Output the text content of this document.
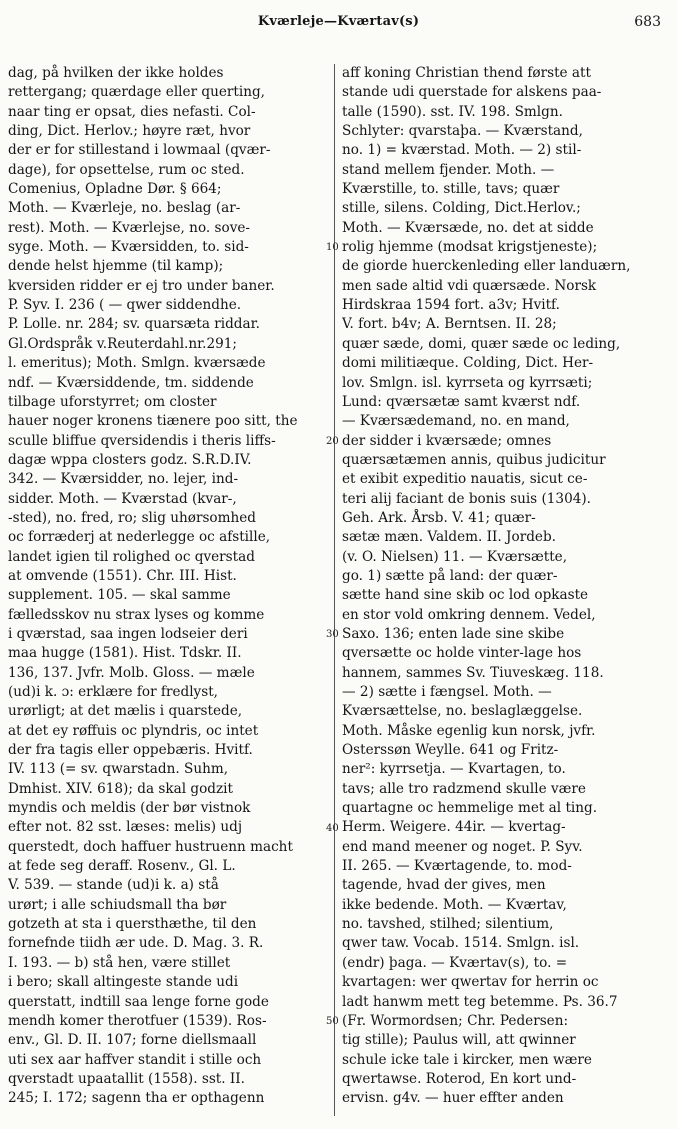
Kværleje—Kværtav(s)	683
dag, på hvilken der ikke holdes
rettergang; quærdage eller querting,
naar ting er opsat, dies nefasti. Col-
ding, Dict. Herlov.; høyre ræt, hvor
der er for stillestand i lowmaal (qvær-
dage), for opsettelse, rum oc sted.
Comenius, Opladne Dør. § 664;
Moth. — Kværleje, no. beslag (ar-
rest). Moth. — Kværlejse, no. sove-
syge. Moth. — Kværsidden, to. sid-
dende helst hjemme (til kamp);
kversiden ridder er ej tro under baner.
P. Syv. I. 236 ( — qwer siddendhe.
P. Lolle. nr. 284; sv. quarsæta riddar.
Gl.Ordspråk v.Reuterdahl.nr.291;
l. emeritus); Moth. Smlgn. kværsæde
ndf. — Kværsiddende, tm. siddende
tilbage uforstyrret; om closter
hauer noger kronens tiænere poo sitt, the
sculle bliffue qversidendis i theris liffs-
dagæ wppa closters godz. S.R.D.IV.
342. — Kværsidder, no. lejer, ind-
sidder. Moth. — Kværstad (kvar-,
-sted), no. fred, ro; slig uhørsomhed
oc forræderj at nederlegge oc afstille,
landet igien til rolighed oc qverstad
at omvende (1551). Chr. III. Hist.
supplement. 105. — skal samme
fælledsskov nu strax lyses og komme
i qværstad, saa ingen lodseier deri
maa hugge (1581). Hist. Tdskr. II.
136, 137. Jvfr. Molb. Gloss. — mæle
(ud)i k. ɔ: erklære for fredlyst,
urørligt; at det mælis i quarstede,
at det ey røffuis oc plyndris, oc intet
der fra tagis eller oppebæris. Hvitf.
IV. 113 (= sv. qwarstadn. Suhm,
Dmhist. XIV. 618); da skal godzit
myndis och meldis (der bør vistnok
efter not. 82 sst. læses: melis) udj
querstedt, doch haffuer hustruenn macht
at fede seg deraff. Rosenv., Gl. L.
V. 539. — stande (ud)i k. a) stå
urørt; i alle schiudsmall tha bør
gotzeth at sta i quersthæthe, til den
fornefnde tiidh ær ude. D. Mag. 3. R.
I. 193. — b) stå hen, være stillet
i bero; skall altingeste stande udi
querstatt, indtill saa lenge forne gode
mendh komer therotfuer (1539). Ros-
env., Gl. D. II. 107; forne diellsmaall
uti sex aar haffver standit i stille och
qverstadt upaatallit (1558). sst. II.
245; I. 172; sagenn tha er opthagenn
aff koning Christian thend første att
stande udi querstade for alskens paa-
talle (1590). sst. IV. 198. Smlgn.
Schlyter: qvarstaþa. — Kværstand,
no. 1) = kværstad. Moth. — 2) stil-
stand mellem fjender. Moth. —
Kværstille, to. stille, tavs; quær
stille, silens. Colding, Dict.Herlov.;
Moth. — Kværsæde, no. det at sidde
rolig hjemme (modsat krigstjeneste);
de giorde huerckenleding eller landuærn,
men sade altid vdi quærsæde. Norsk
Hirdskraa 1594 fort. a3v; Hvitf.
V. fort. b4v; A. Berntsen. II. 28;
quær sæde, domi, quær sæde oc leding,
domi militiæque. Colding, Dict. Her-
lov. Smlgn. isl. kyrrseta og kyrrsæti;
Lund: qværsætæ samt kværst ndf.
— Kværsædemand, no. en mand,
der sidder i kværsæde; omnes
quærsætæmen annis, quibus judicitur
et exibit expeditio nauatis, sicut ce-
teri alij faciant de bonis suis (1304).
Geh. Ark. Årsb. V. 41; quær-
sætæ mæn. Valdem. II. Jordeb.
(v. O. Nielsen) 11. — Kværsætte,
go. 1) sætte på land: der quær-
sætte hand sine skib oc lod opkaste
en stor vold omkring dennem. Vedel,
Saxo. 136; enten lade sine skibe
qversætte oc holde vinter-lage hos
hannem, sammes Sv. Tiuveskæg. 118.
— 2) sætte i fængsel. Moth. —
Kværsættelse, no. beslaglæggelse.
Moth. Måske egenlig kun norsk, jvfr.
Osterssøn Weylle. 641 og Fritz-
ner²: kyrrsetja. — Kvartagen, to.
tavs; alle tro radzmend skulle være
quartagne oc hemmelige met al ting.
Herm. Weigere. 44ir. — kvertag-
end mand meener og noget. P. Syv.
II. 265. — Kværtagende, to. mod-
tagende, hvad der gives, men
ikke bedende. Moth. — Kværtav,
no. tavshed, stilhed; silentium,
qwer taw. Vocab. 1514. Smlgn. isl.
(endr) þaga. — Kværtav(s), to. =
kvartagen: wer qwertav for herrin oc
ladt hanwm mett teg betemme. Ps. 36.7
(Fr. Wormordsen; Chr. Pedersen:
tig stille); Paulus will, att qwinner
schule icke tale i kircker, men wære
qwertawse. Roterod, En kort und-
ervisn. g4v. — huer effter anden
10
20
30
40
50
